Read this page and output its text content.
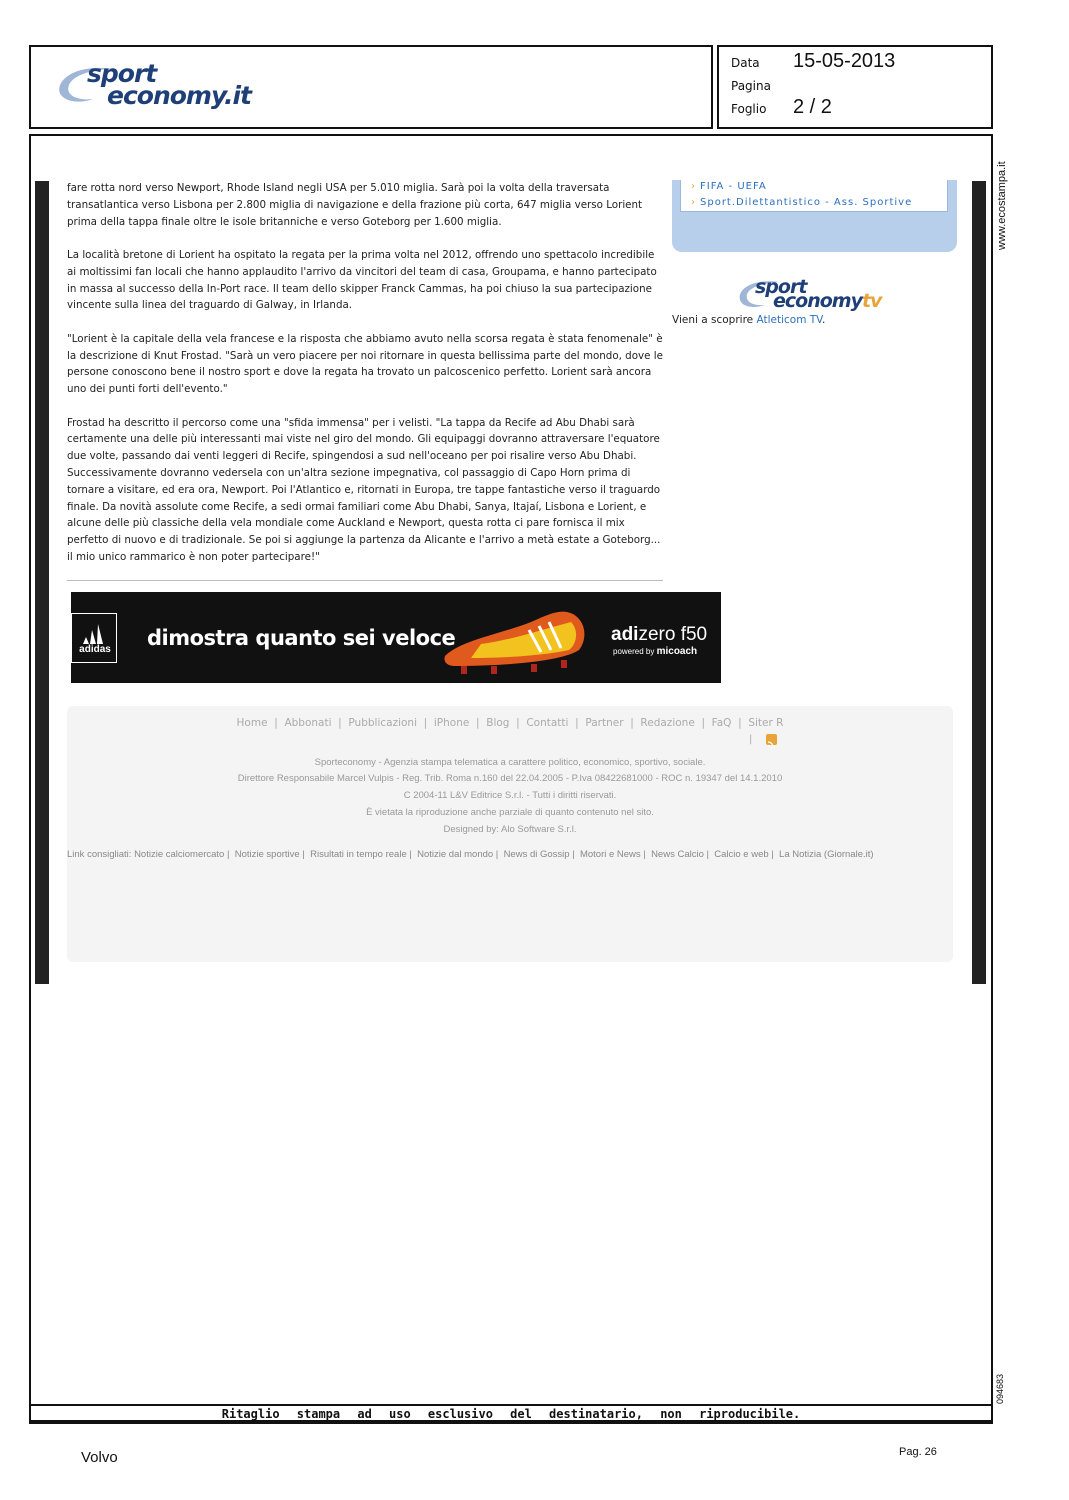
sport
economy.it
Data 15-05-2013
Pagina
Foglio 2 / 2
www.ecostampa.it
094683

fare rotta nord verso Newport, Rhode Island negli USA per 5.010 miglia. Sarà poi la volta della traversata transatlantica verso Lisbona per 2.800 miglia di navigazione e della frazione più corta, 647 miglia verso Lorient prima della tappa finale oltre le isole britanniche e verso Goteborg per 1.600 miglia.

La località bretone di Lorient ha ospitato la regata per la prima volta nel 2012, offrendo uno spettacolo incredibile ai moltissimi fan locali che hanno applaudito l'arrivo da vincitori del team di casa, Groupama, e hanno partecipato in massa al successo della In-Port race. Il team dello skipper Franck Cammas, ha poi chiuso la sua partecipazione vincente sulla linea del traguardo di Galway, in Irlanda.

"Lorient è la capitale della vela francese e la risposta che abbiamo avuto nella scorsa regata è stata fenomenale" è la descrizione di Knut Frostad. "Sarà un vero piacere per noi ritornare in questa bellissima parte del mondo, dove le persone conoscono bene il nostro sport e dove la regata ha trovato un palcoscenico perfetto. Lorient sarà ancora uno dei punti forti dell'evento."

Frostad ha descritto il percorso come una "sfida immensa" per i velisti. "La tappa da Recife ad Abu Dhabi sarà certamente una delle più interessanti mai viste nel giro del mondo. Gli equipaggi dovranno attraversare l'equatore due volte, passando dai venti leggeri di Recife, spingendosi a sud nell'oceano per poi risalire verso Abu Dhabi. Successivamente dovranno vedersela con un'altra sezione impegnativa, col passaggio di Capo Horn prima di tornare a visitare, ed era ora, Newport. Poi l'Atlantico e, ritornati in Europa, tre tappe fantastiche verso il traguardo finale. Da novità assolute come Recife, a sedi ormai familiari come Abu Dhabi, Sanya, Itajaí, Lisbona e Lorient, e alcune delle più classiche della vela mondiale come Auckland e Newport, questa rotta ci pare fornisca il mix perfetto di nuovo e di tradizionale. Se poi si aggiunge la partenza da Alicante e l'arrivo a metà estate a Goteborg... il mio unico rammarico è non poter partecipare!"

› FIFA - UEFA
› Sport.Dilettantistico - Ass. Sportive
sport
economytv
Vieni a scoprire Atleticom TV.
adidas dimostra quanto sei veloce	adizero f50
powered by micoach
Home  |  Abbonati  |  Pubblicazioni  |  iPhone  |  Blog  |  Contatti  |  Partner  |  Redazione  |  FaQ  |  Siter R
|
Sporteconomy - Agenzia stampa telematica a carattere politico, economico, sportivo, sociale.
Direttore Responsabile Marcel Vulpis - Reg. Trib. Roma n.160 del 22.04.2005 - P.Iva 08422681000 - ROC n. 19347 del 14.1.2010
C 2004-11 L&V Editrice S.r.l. - Tutti i diritti riservati.
È vietata la riproduzione anche parziale di quanto contenuto nel sito.
Designed by: Alo Software S.r.l.
Link consigliati: Notizie calciomercato |  Notizie sportive |  Risultati in tempo reale |  Notizie dal mondo |  News di Gossip |  Motori e News |  News Calcio |  Calcio e web |  La Notizia (Giornale.it)
Ritaglio stampa ad uso esclusivo del destinatario, non riproducibile.
Volvo	Pag. 26
